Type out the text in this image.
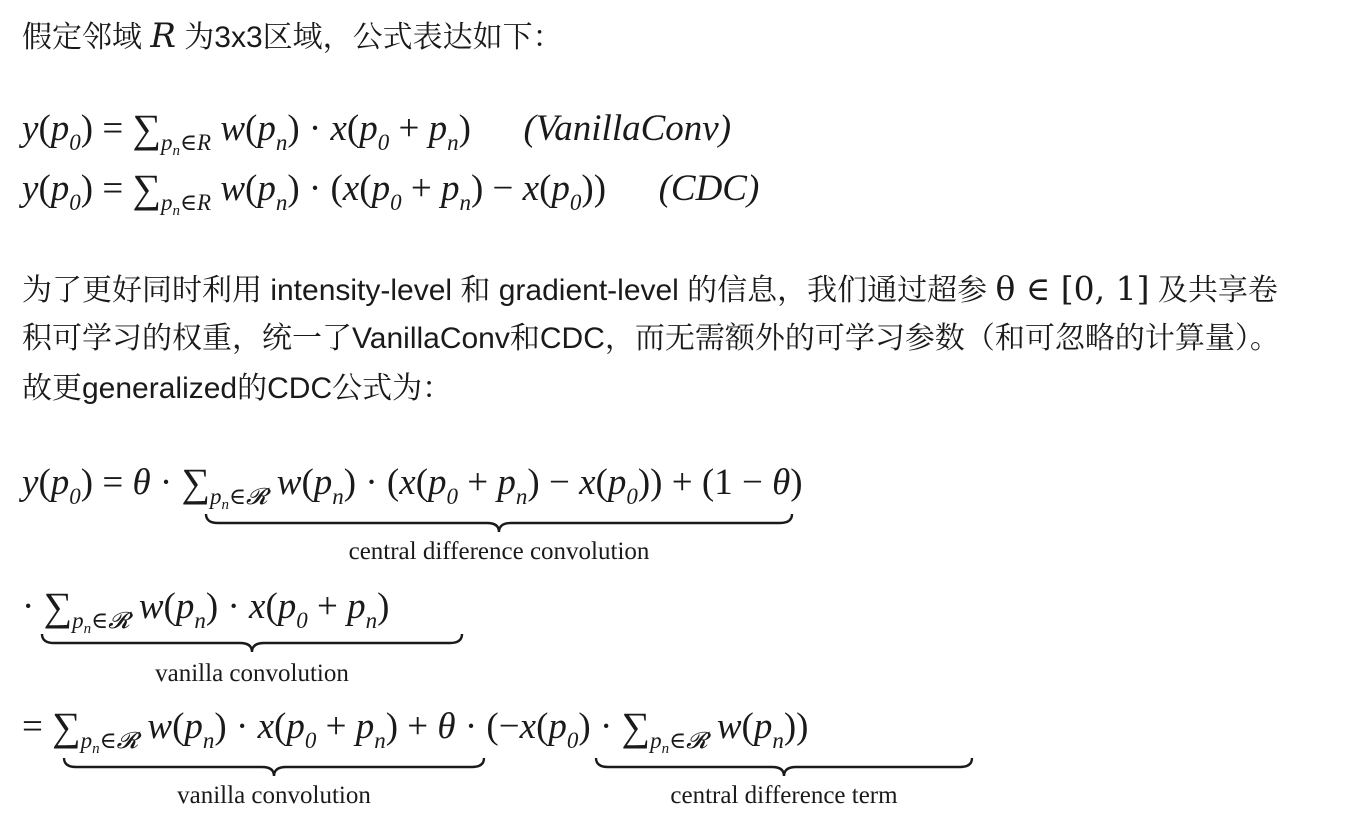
假定邻域 R 为3x3区域，公式表达如下：
$y(p_0) = \sum_{p_n\in R}$ $w(p_n) \cdot x(p_0 + p_n)$  (VanillaConv)
$y(p_0) = \sum_{p_n\in R}$ $w(p_n) \cdot (x(p_0 + p_n) - x(p_0))$  (CDC)
为了更好同时利用 intensity-level 和 gradient-level 的信息，我们通过超参 θ ∈ [0, 1] 及共享卷
积可学习的权重，统一了VanillaConv和CDC，而无需额外的可学习参数（和可忽略的计算量）。
故更generalized的CDC公式为：
$y(p_0) = \theta \cdot \sum_{p_n\in 𝓡}$ $w(p_n) \cdot (x(p_0 + p_n) - x(p_0)) + (1 - \theta)$
central difference convolution
· $\sum_{p_n\in 𝓡}$ $w(p_n) \cdot x(p_0 + p_n)$
vanilla convolution
= $\sum_{p_n\in 𝓡}$ $w(p_n) \cdot x(p_0 + p_n) + \theta \cdot (-x(p_0) \cdot \sum_{p_n\in 𝓡}$ $w(p_n)$)
vanilla convolution	central difference term
